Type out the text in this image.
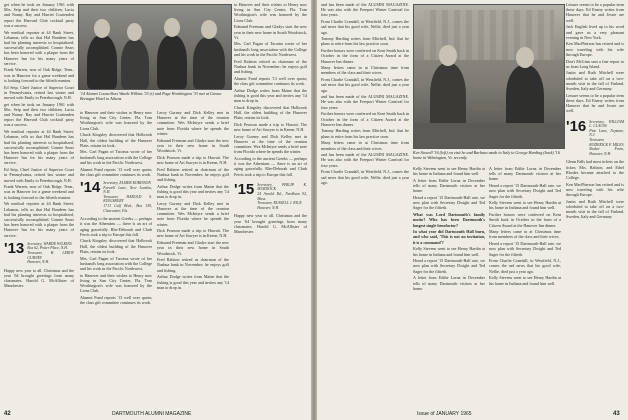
get when he took on January 1961 with Mrs. Seip and their two children, Lucia and Nanny. Ray and Harriet Cruttenden report the Harvard Club cocktail party was a success.

We medical reporter at 44 Bank Street, Lebanon, tells us that Hal Bandeen has had his planting interests so hospitalized, successfully accomplished. Connie Sears has been honored with a plaque from the Hanover Inn for his many years of service.

Frank Warren, now of Oak Ridge, Tenn., was in Hanover for a game weekend and is looking forward to the fiftieth reunion.

Ed Seip, Chief Justice of Superior Court in Pennsylvania, retired last winter and moved with Emily to Peterborough, N.H.

get when he took on January 1961 with Mrs. Seip and their two children, Lucia and Nanny. Ray and Harriet Cruttenden report the Harvard Club cocktail party was a success.

We medical reporter at 44 Bank Street, Lebanon, tells us that Hal Bandeen has had his planting interests so hospitalized, successfully accomplished. Connie Sears has been honored with a plaque from the Hanover Inn for his many years of service.

Ed Seip, Chief Justice of Superior Court in Pennsylvania, retired last winter and moved with Emily to Peterborough, N.H.

Frank Warren, now of Oak Ridge, Tenn., was in Hanover for a game weekend and is looking forward to the fiftieth reunion.

We medical reporter at 44 Bank Street, Lebanon, tells us that Hal Bandeen has had his planting interests so hospitalized, successfully accomplished. Connie Sears has been honored with a plaque from the Hanover Inn for his many years of service.

'13 Secretary, WARDE WILKINS
Box 62, Potter Place, N.H.
Treasurer, H. LEROY GURNEY
Hanover, N.H.

Happy new year to all. Christmas and the year '64 brought greetings from many classmates. Harold G. McAllister of Manchester.

'14 Alumni Councillors Warde Wilkins '33 (r) and Page Worthington '33 met at Grosse Bretagne Hotel in Athens.

to Hanover and their wishes to Henry now living in Sun City Center, Fla. Tom Worthington's wife was honored by the Lions Club.

Chuck Kingsley discovered that Holbrook Hall, the oldest building of the Hanover Plain, retains its look.

Mrs. Carl Pagan of Tacoma wrote of her husband's long association with the College and his work in the Pacific Northwest.

Alumni Fund reports '13 well over quota; the class gift committee continues its work.

'14 Secretary, ELMER ROBINSON
Farwell Lane, New London, N.H.
Treasurer, HAROLD S. KINGSBURY
1713 Gulf Blvd., Box 159, Clearwater, Fla.

According to the ancient Greeks — perhaps it was the Athenians — there is an art of aging gracefully. Rhe-Deborah and Chub Ferris took a trip to Europe this fall.

Chuck Kingsley discovered that Holbrook Hall, the oldest building of the Hanover Plain, retains its look.

Mrs. Carl Pagan of Tacoma wrote of her husband's long association with the College and his work in the Pacific Northwest.

to Hanover and their wishes to Henry now living in Sun City Center, Fla. Tom Worthington's wife was honored by the Lions Club.

Alumni Fund reports '13 well over quota; the class gift committee continues its work.

Leroy Gurney and Dick Kelley met in Hanover at the time of the reunion committee. Wes McIntyre sends a brief note from Florida where he spends the winter.

Edmund Freeman and Gladys start the new year in their new home in South Woodstock, Vt.

Dick Pearson made a trip to Hawaii. The new home of Art Sawyer is in Keene, N.H.

Fred Ralston retired as chairman of the Nashua bank in November; he enjoys golf and fishing.

Arthur Dodge writes from Maine that the fishing is good this year and invites any '14 man to drop in.

Leroy Gurney and Dick Kelley met in Hanover at the time of the reunion committee. Wes McIntyre sends a brief note from Florida where he spends the winter.

Dick Pearson made a trip to Hawaii. The new home of Art Sawyer is in Keene, N.H.

Edmund Freeman and Gladys start the new year in their new home in South Woodstock, Vt.

Fred Ralston retired as chairman of the Nashua bank in November; he enjoys golf and fishing.

Arthur Dodge writes from Maine that the fishing is good this year and invites any '14 man to drop in.

to Hanover and their wishes to Henry now living in Sun City Center, Fla. Tom Worthington's wife was honored by the Lions Club.

Edmund Freeman and Gladys start the new year in their new home in South Woodstock, Vt.

Mrs. Carl Pagan of Tacoma wrote of her husband's long association with the College and his work in the Pacific Northwest.

Fred Ralston retired as chairman of the Nashua bank in November; he enjoys golf and fishing.

Alumni Fund reports '13 well over quota; the class gift committee continues its work.

Arthur Dodge writes from Maine that the fishing is good this year and invites any '14 man to drop in.

Chuck Kingsley discovered that Holbrook Hall, the oldest building of the Hanover Plain, retains its look.

Dick Pearson made a trip to Hawaii. The new home of Art Sawyer is in Keene, N.H.

Leroy Gurney and Dick Kelley met in Hanover at the time of the reunion committee. Wes McIntyre sends a brief note from Florida where he spends the winter.

According to the ancient Greeks — perhaps it was the Athenians — there is an art of aging gracefully. Rhe-Deborah and Chub Ferris took a trip to Europe this fall.

'15 Secretary, PHILIP K. MURDOCK
24 Arnold Rd., Needham 92, Mass.
Treasurer, RUSSELL J. RICE
Hanover, N.H.

Happy new year to all. Christmas and the year '64 brought greetings from many classmates. Harold G. McAllister of Manchester.

42	DARTMOUTH ALUMNI MAGAZINE

and has been made of the ALUMNI MAGAZINE. He was also with the Freeport Winter Carnival for four years.

From Charlie Crandall, in Westfield, N.J., comes the sad news that his good wife, Nellie, died just a year ago.

Tommy Harding writes from Mitchell, Ind. that he plans to retire from his law practice soon.

Further honors were conferred on Kent Smith back in October in the form of a Citizen Award at the Hanover Inn dinner.

Many letters came in at Christmas time from members of the class and their wives.

From Charlie Crandall, in Westfield, N.J., comes the sad news that his good wife, Nellie, died just a year ago.

and has been made of the ALUMNI MAGAZINE. He was also with the Freeport Winter Carnival for four years.

Further honors were conferred on Kent Smith back in October in the form of a Citizen Award at the Hanover Inn dinner.

Tommy Harding writes from Mitchell, Ind. that he plans to retire from his law practice soon.

Many letters came in at Christmas time from members of the class and their wives.

and has been made of the ALUMNI MAGAZINE. He was also with the Freeport Winter Carnival for four years.

From Charlie Crandall, in Westfield, N.J., comes the sad news that his good wife, Nellie, died just a year ago.

Ken Stowell '16 (left) on visit he and Barbara made to Italy to George Harding (back) '16 home in Wilmington, Vt. recently.

Kelly Stevens went to see Henry Hardin at his home in Indiana and found him well.

A letter from Eddie Lorna in December tells of many Dartmouth visitors at her home.

Heard a report '15 Dartmouth-Hall rate, we now plan with Secretary Dwight and Ted Sager for the fiftieth.

What was Lord Dartmouth's family motto? Who has been Dartmouth's longest single benefactor?

In what year did Dartmouth Hall burn, and who said, 'This is not an invitation, it is a command'?

Kelly Stevens went to see Henry Hardin at his home in Indiana and found him well.

Heard a report '15 Dartmouth-Hall rate, we now plan with Secretary Dwight and Ted Sager for the fiftieth.

A letter from Eddie Lorna in December tells of many Dartmouth visitors at her home.

A letter from Eddie Lorna in December tells of many Dartmouth visitors at her home.

Heard a report '15 Dartmouth-Hall rate, we now plan with Secretary Dwight and Ted Sager for the fiftieth.

Kelly Stevens went to see Henry Hardin at his home in Indiana and found him well.

Further honors were conferred on Kent Smith back in October in the form of a Citizen Award at the Hanover Inn dinner.

Many letters came in at Christmas time from members of the class and their wives.

Heard a report '15 Dartmouth-Hall rate, we now plan with Secretary Dwight and Ted Sager for the fiftieth.

From Charlie Crandall, in Westfield, N.J., comes the sad news that his good wife, Nellie, died just a year ago.

Kelly Stevens went to see Henry Hardin at his home in Indiana and found him well.

Leisure seems to be a popular term these days. Ed Emery writes from Hanover that he and Jessie are well.

Jack English lived up to his word and gave us a very pleasant evening in New York.

Ken MacPherson has retired and is now traveling with his wife through Europe.

Don't McGinn sent a fine report to us from Long Island.

Justin and Ruth Mitchell were scheduled to take off on a two-month visit in the fall of Finland, Sweden, Italy and Germany.

Leisure seems to be a popular term these days. Ed Emery writes from Hanover that he and Jessie are well.

'16 Secretary, WILLIAM L. CLAUSS
Pine Lane, Neptune, N.J.
Treasurer, RODERICK F. MILES
Shaker Farm, Hanover, N.H.

Glenn Falls had most tickets on the ticker, Mrs. Ralston, and Ethel Rhodes became attached to the College.

Ken MacPherson has retired and is now traveling with his wife through Europe.

Justin and Ruth Mitchell were scheduled to take off on a two-month visit in the fall of Finland, Sweden, Italy and Germany.

Issue of JANUARY 1965	43
